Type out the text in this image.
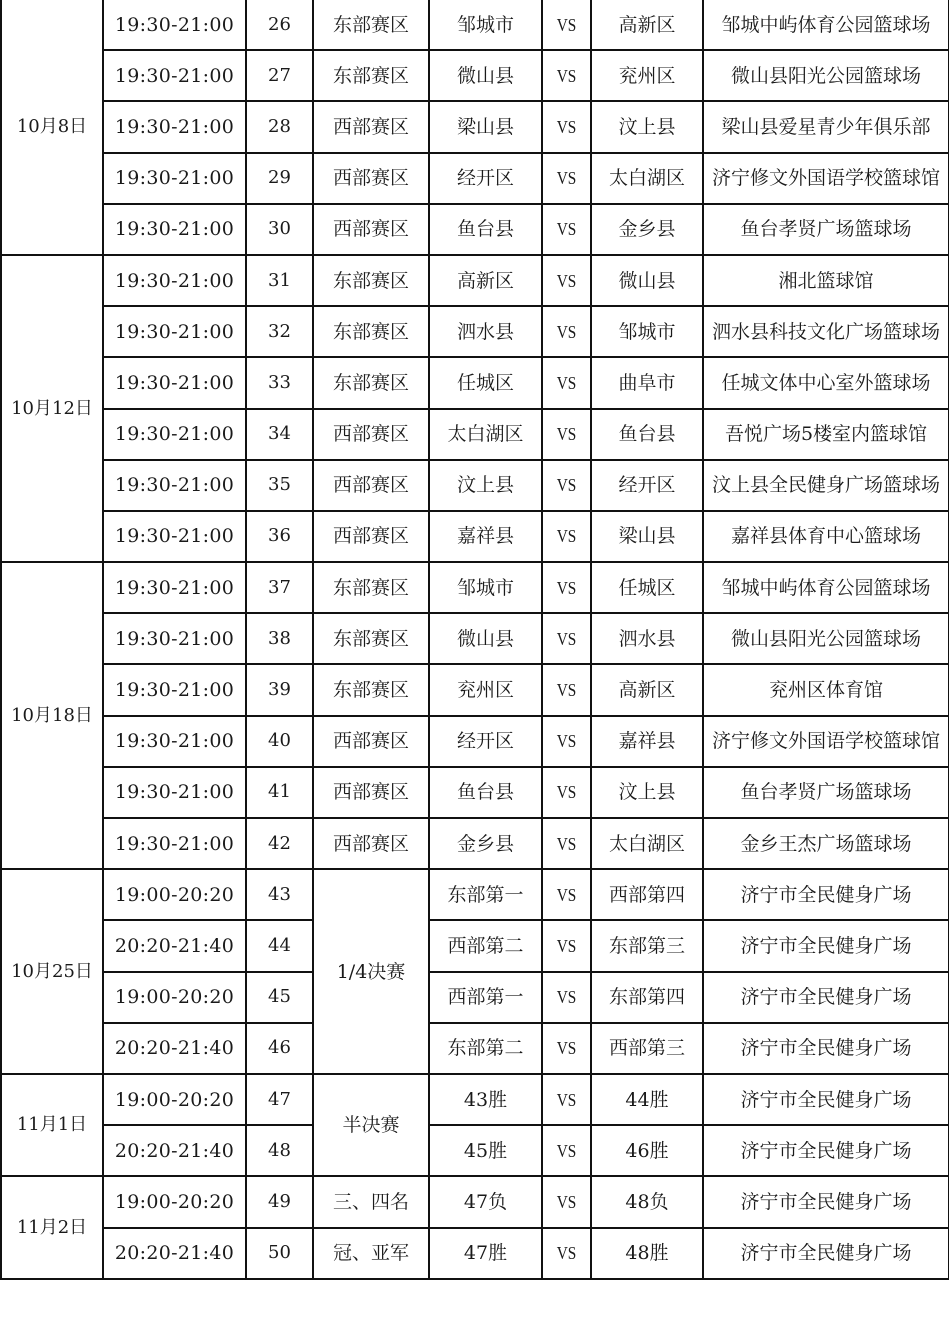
10月8日	19:30-21:00	26	东部赛区	邹城市	VS	高新区	邹城中屿体育公园篮球场
	19:30-21:00	27	东部赛区	微山县	VS	兖州区	微山县阳光公园篮球场
	19:30-21:00	28	西部赛区	梁山县	VS	汶上县	梁山县爱星青少年俱乐部
	19:30-21:00	29	西部赛区	经开区	VS	太白湖区	济宁修文外国语学校篮球馆
	19:30-21:00	30	西部赛区	鱼台县	VS	金乡县	鱼台孝贤广场篮球场
10月12日	19:30-21:00	31	东部赛区	高新区	VS	微山县	湘北篮球馆
	19:30-21:00	32	东部赛区	泗水县	VS	邹城市	泗水县科技文化广场篮球场
	19:30-21:00	33	东部赛区	任城区	VS	曲阜市	任城文体中心室外篮球场
	19:30-21:00	34	西部赛区	太白湖区	VS	鱼台县	吾悦广场5楼室内篮球馆
	19:30-21:00	35	西部赛区	汶上县	VS	经开区	汶上县全民健身广场篮球场
	19:30-21:00	36	西部赛区	嘉祥县	VS	梁山县	嘉祥县体育中心篮球场
10月18日	19:30-21:00	37	东部赛区	邹城市	VS	任城区	邹城中屿体育公园篮球场
	19:30-21:00	38	东部赛区	微山县	VS	泗水县	微山县阳光公园篮球场
	19:30-21:00	39	东部赛区	兖州区	VS	高新区	兖州区体育馆
	19:30-21:00	40	西部赛区	经开区	VS	嘉祥县	济宁修文外国语学校篮球馆
	19:30-21:00	41	西部赛区	鱼台县	VS	汶上县	鱼台孝贤广场篮球场
	19:30-21:00	42	西部赛区	金乡县	VS	太白湖区	金乡王杰广场篮球场
10月25日	19:00-20:20	43	1/4决赛	东部第一	VS	西部第四	济宁市全民健身广场
	20:20-21:40	44		西部第二	VS	东部第三	济宁市全民健身广场
	19:00-20:20	45		西部第一	VS	东部第四	济宁市全民健身广场
	20:20-21:40	46		东部第二	VS	西部第三	济宁市全民健身广场
11月1日	19:00-20:20	47	半决赛	43胜	VS	44胜	济宁市全民健身广场
	20:20-21:40	48		45胜	VS	46胜	济宁市全民健身广场
11月2日	19:00-20:20	49	三、四名	47负	VS	48负	济宁市全民健身广场
	20:20-21:40	50	冠、亚军	47胜	VS	48胜	济宁市全民健身广场
